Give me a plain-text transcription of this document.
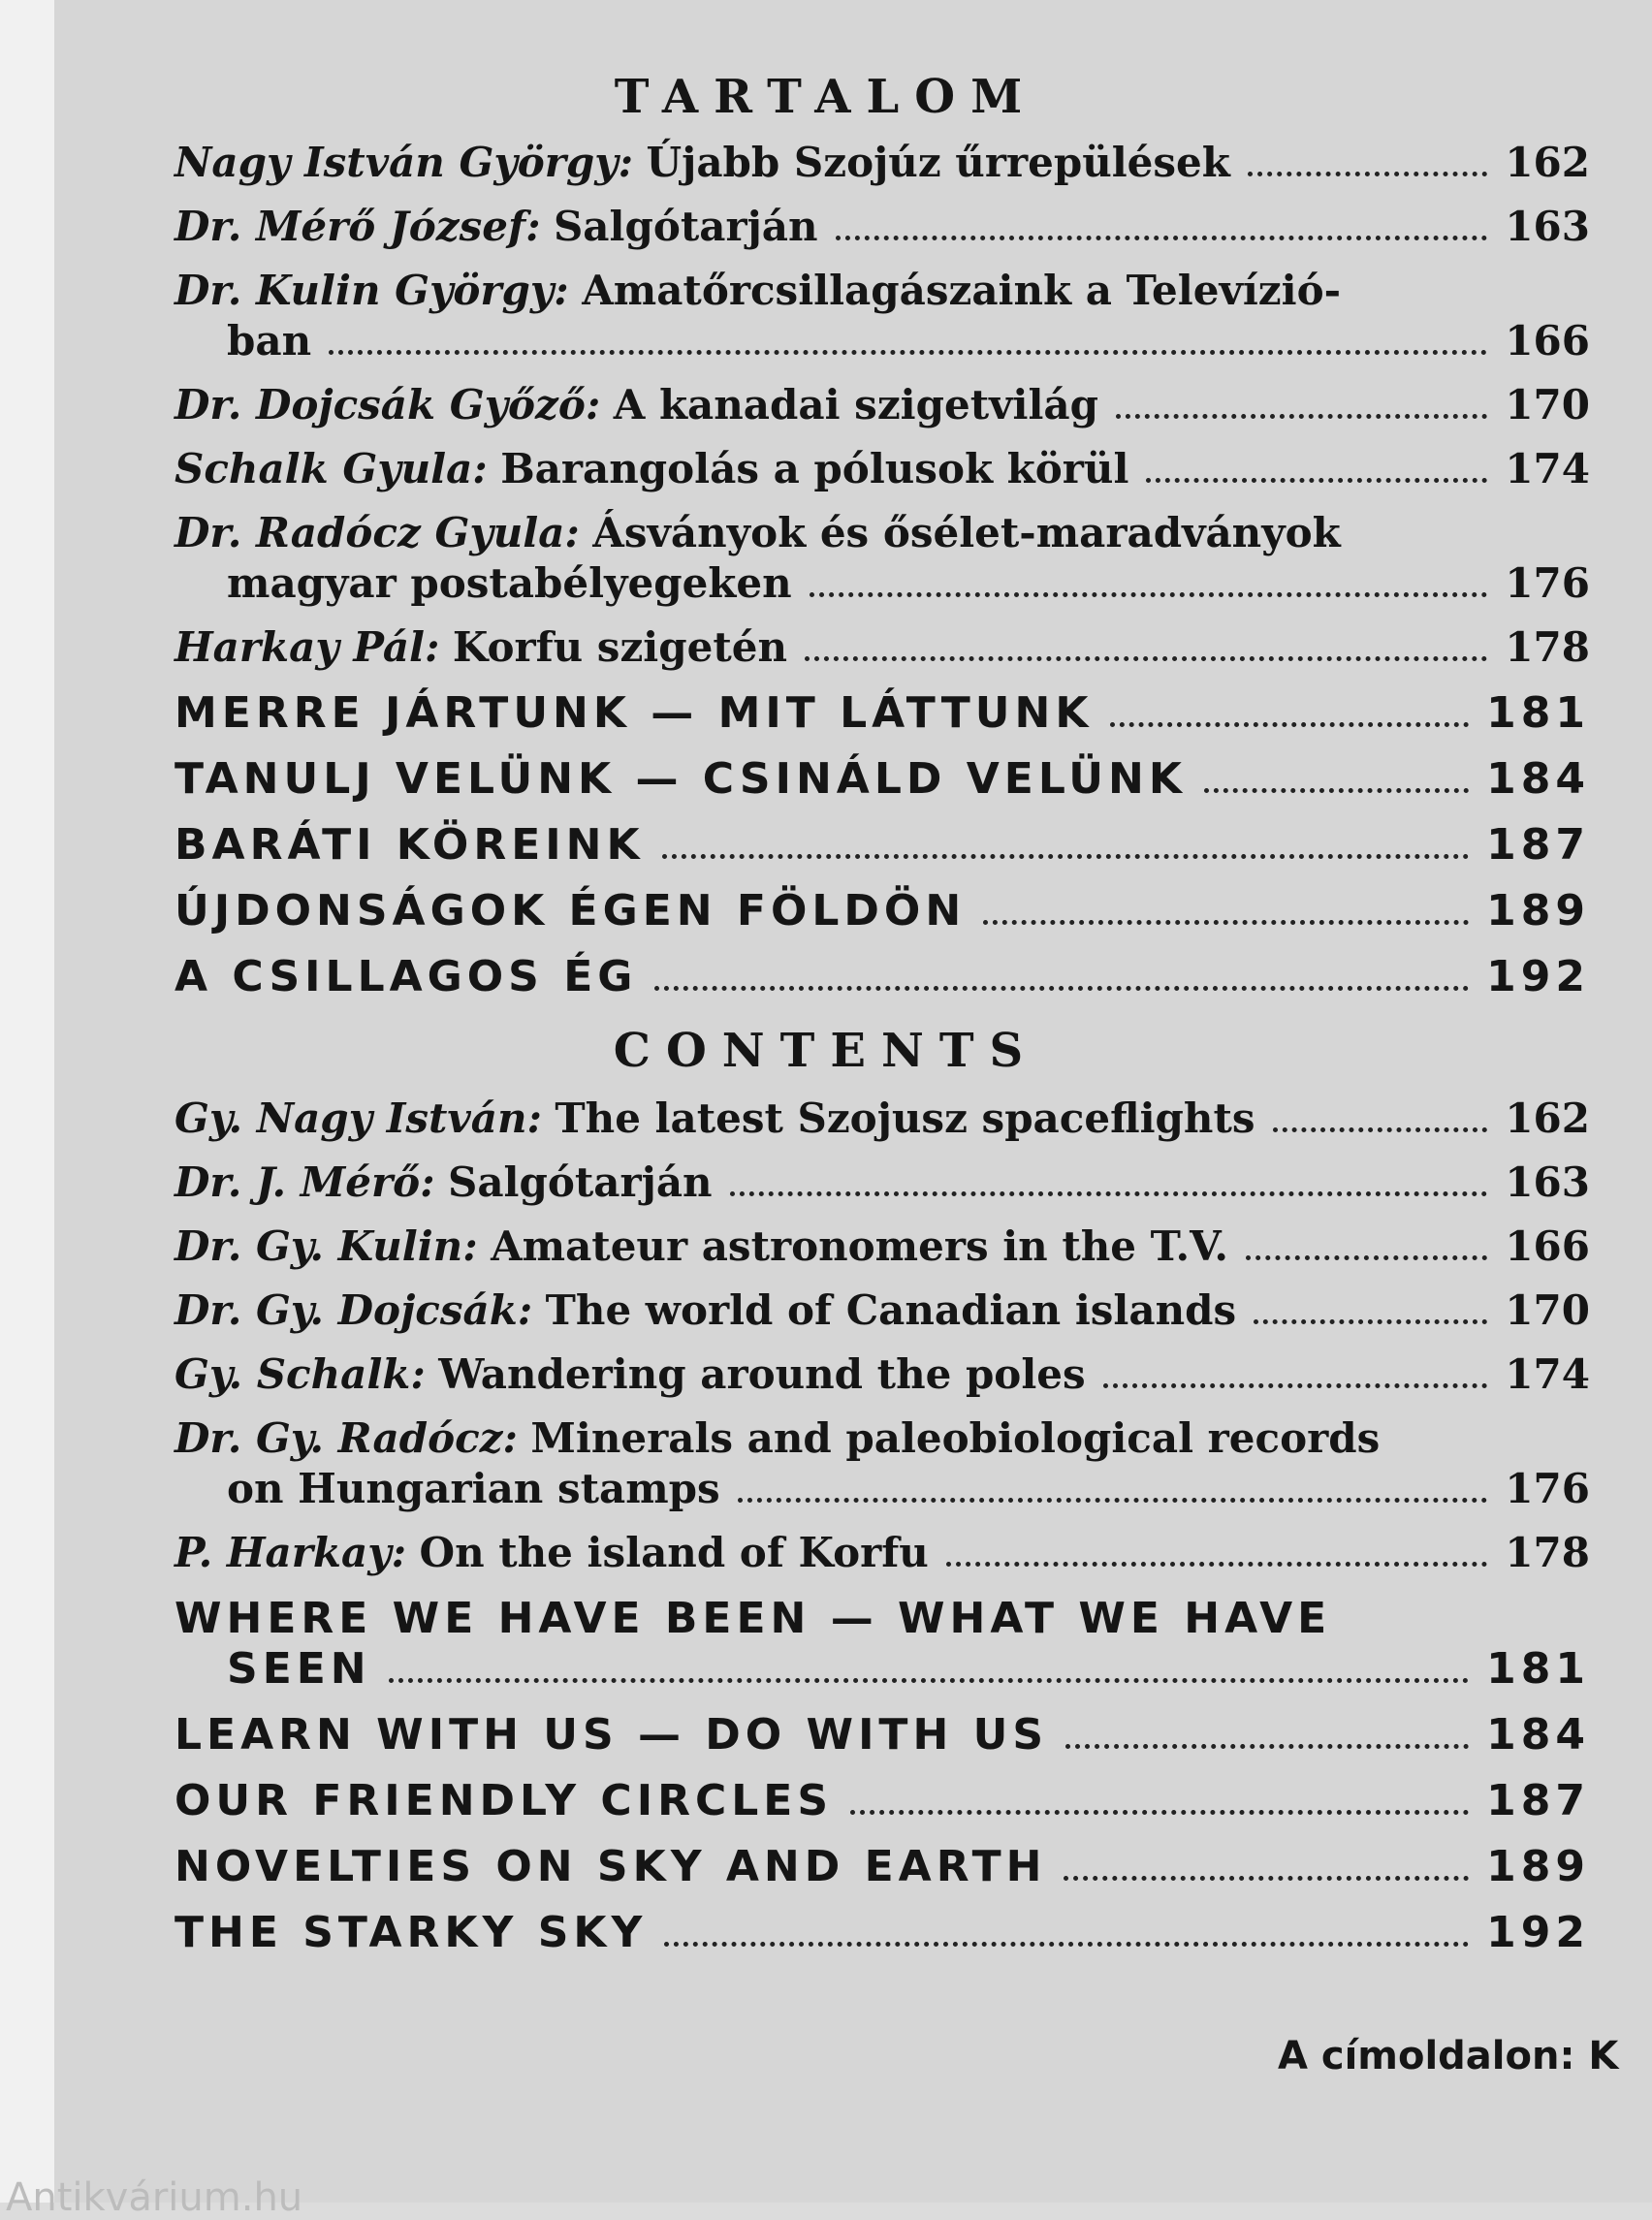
TARTALOM
Nagy István György:
Újabb Szojúz űrrepülések	162
Dr. Mérő József:
Salgótarján	163
Dr. Kulin György:
Amatőrcsillagászaink a Televízió-
ban	166
Dr. Dojcsák Győző:
A kanadai szigetvilág	170
Schalk Gyula:
Barangolás a pólusok körül	174
Dr. Radócz Gyula:
Ásványok és ősélet-maradványok
magyar postabélyegeken	176
Harkay Pál:
Korfu szigetén	178
MERRE JÁRTUNK — MIT LÁTTUNK	181
TANULJ VELÜNK — CSINÁLD VELÜNK	184
BARÁTI KÖREINK	187
ÚJDONSÁGOK ÉGEN FÖLDÖN	189
A CSILLAGOS ÉG	192
CONTENTS
Gy. Nagy István:
The latest Szojusz spaceflights	162
Dr. J. Mérő:
Salgótarján	163
Dr. Gy. Kulin:
Amateur astronomers in the T.V.	166
Dr. Gy. Dojcsák:
The world of Canadian islands	170
Gy. Schalk:
Wandering around the poles	174
Dr. Gy. Radócz:
Minerals and paleobiological records
on Hungarian stamps	176
P. Harkay:
On the island of Korfu	178
WHERE WE HAVE BEEN — WHAT WE HAVE
SEEN	181
LEARN WITH US — DO WITH US	184
OUR FRIENDLY CIRCLES	187
NOVELTIES ON SKY AND EARTH	189
THE STARKY SKY	192
A címoldalon: K
Antikvárium.hu
